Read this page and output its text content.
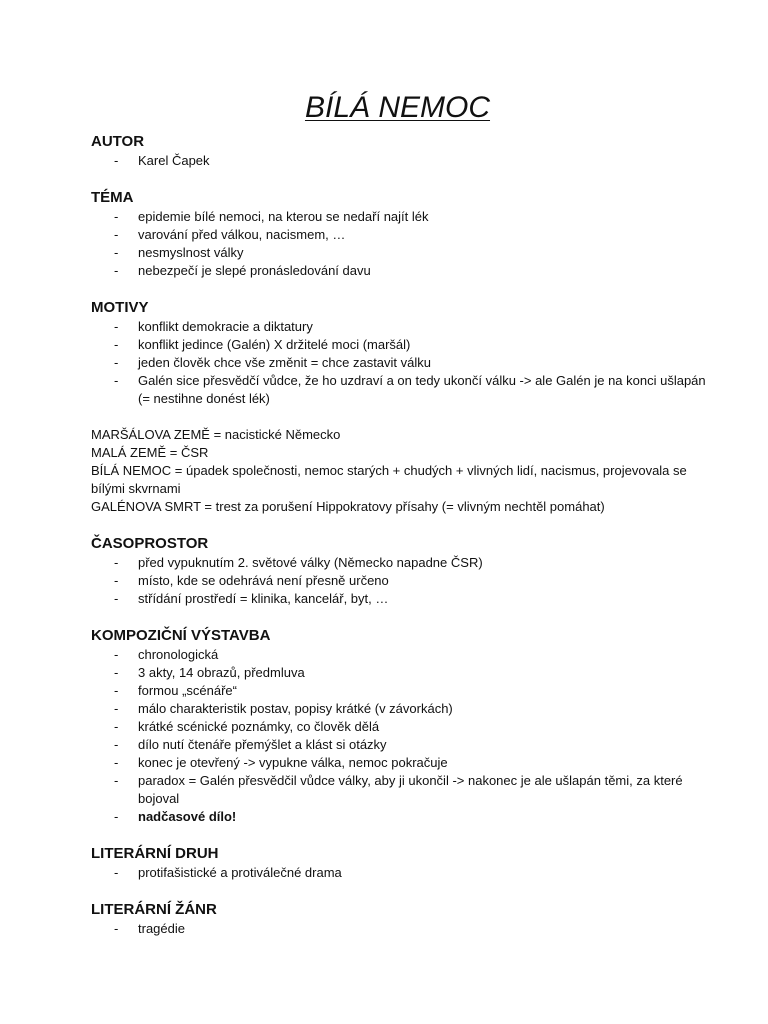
BÍLÁ NEMOC

AUTOR

- Karel Čapek

TÉMA

- epidemie bílé nemoci, na kterou se nedaří najít lék
- varování před válkou, nacismem, …
- nesmyslnost války
- nebezpečí je slepé pronásledování davu

MOTIVY

- konflikt demokracie a diktatury
- konflikt jedince (Galén) X držitelé moci (maršál)
- jeden člověk chce vše změnit = chce zastavit válku
- Galén sice přesvědčí vůdce, že ho uzdraví a on tedy ukončí válku -> ale Galén je na konci ušlapán (= nestihne donést lék)

MARŠÁLOVA ZEMĚ = nacistické Německo

MALÁ ZEMĚ = ČSR

BÍLÁ NEMOC = úpadek společnosti, nemoc starých + chudých + vlivných lidí, nacismus, projevovala se bílými skvrnami

GALÉNOVA SMRT = trest za porušení Hippokratovy přísahy (= vlivným nechtěl pomáhat)

ČASOPROSTOR

- před vypuknutím 2. světové války (Německo napadne ČSR)
- místo, kde se odehrává není přesně určeno
- střídání prostředí = klinika, kancelář, byt, …

KOMPOZIČNÍ VÝSTAVBA

- chronologická
- 3 akty, 14 obrazů, předmluva
- formou „scénáře“
- málo charakteristik postav, popisy krátké (v závorkách)
- krátké scénické poznámky, co člověk dělá
- dílo nutí čtenáře přemýšlet a klást si otázky
- konec je otevřený -> vypukne válka, nemoc pokračuje
- paradox = Galén přesvědčil vůdce války, aby ji ukončil -> nakonec je ale ušlapán těmi, za které bojoval
- nadčasové dílo!

LITERÁRNÍ DRUH

- protifašistické a protiválečné drama

LITERÁRNÍ ŽÁNR

- tragédie
